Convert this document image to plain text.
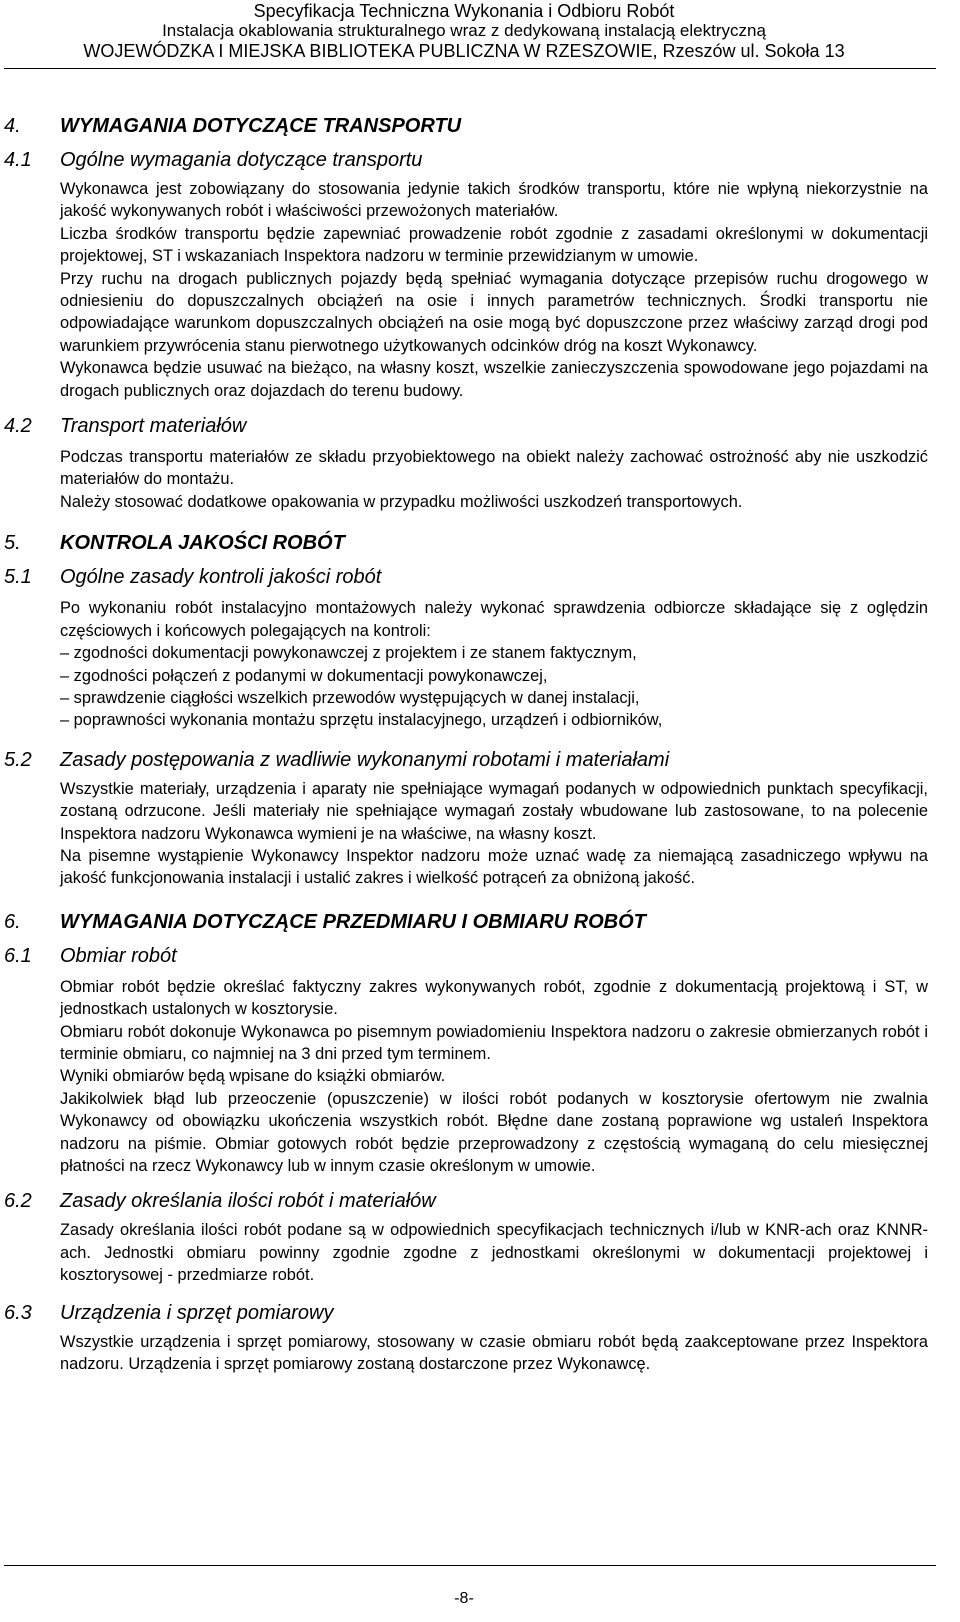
Specyfikacja Techniczna Wykonania i Odbioru Robót
Instalacja okablowania strukturalnego wraz z dedykowaną instalacją elektryczną
WOJEWÓDZKA I MIEJSKA BIBLIOTEKA PUBLICZNA W RZESZOWIE, Rzeszów ul. Sokoła 13
4. WYMAGANIA DOTYCZĄCE TRANSPORTU
4.1 Ogólne wymagania dotyczące transportu

Wykonawca jest zobowiązany do stosowania jedynie takich środków transportu, które nie wpłyną niekorzystnie na jakość wykonywanych robót i właściwości przewożonych materiałów.

Liczba środków transportu będzie zapewniać prowadzenie robót zgodnie z zasadami określonymi w dokumentacji projektowej, ST i wskazaniach Inspektora nadzoru w terminie przewidzianym w umowie.

Przy ruchu na drogach publicznych pojazdy będą spełniać wymagania dotyczące przepisów ruchu drogowego w odniesieniu do dopuszczalnych obciążeń na osie i innych parametrów technicznych. Środki transportu nie odpowiadające warunkom dopuszczalnych obciążeń na osie mogą być dopuszczone przez właściwy zarząd drogi pod warunkiem przywrócenia stanu pierwotnego użytkowanych odcinków dróg na koszt Wykonawcy.

Wykonawca będzie usuwać na bieżąco, na własny koszt, wszelkie zanieczyszczenia spowodowane jego pojazdami na drogach publicznych oraz dojazdach do terenu budowy.

4.2 Transport materiałów

Podczas transportu materiałów ze składu przyobiektowego na obiekt należy zachować ostrożność aby nie uszkodzić materiałów do montażu.

Należy stosować dodatkowe opakowania w przypadku możliwości uszkodzeń transportowych.

5. KONTROLA JAKOŚCI ROBÓT
5.1 Ogólne zasady kontroli jakości robót

Po wykonaniu robót instalacyjno montażowych należy wykonać sprawdzenia odbiorcze składające się z oględzin częściowych i końcowych polegających na kontroli:

– zgodności dokumentacji powykonawczej z projektem i ze stanem faktycznym,
– zgodności połączeń z podanymi w dokumentacji powykonawczej,
– sprawdzenie ciągłości wszelkich przewodów występujących w danej instalacji,
– poprawności wykonania montażu sprzętu instalacyjnego, urządzeń i odbiorników,
5.2 Zasady postępowania z wadliwie wykonanymi robotami i materiałami

Wszystkie materiały, urządzenia i aparaty nie spełniające wymagań podanych w odpowiednich punktach specyfikacji, zostaną odrzucone. Jeśli materiały nie spełniające wymagań zostały wbudowane lub zastosowane, to na polecenie Inspektora nadzoru Wykonawca wymieni je na właściwe, na własny koszt.

Na pisemne wystąpienie Wykonawcy Inspektor nadzoru może uznać wadę za niemającą zasadniczego wpływu na jakość funkcjonowania instalacji i ustalić zakres i wielkość potrąceń za obniżoną jakość.

6. WYMAGANIA DOTYCZĄCE PRZEDMIARU I OBMIARU ROBÓT
6.1 Obmiar robót

Obmiar robót będzie określać faktyczny zakres wykonywanych robót, zgodnie z dokumentacją projektową i ST, w jednostkach ustalonych w kosztorysie.

Obmiaru robót dokonuje Wykonawca po pisemnym powiadomieniu Inspektora nadzoru o zakresie obmierzanych robót i terminie obmiaru, co najmniej na 3 dni przed tym terminem.

Wyniki obmiarów będą wpisane do książki obmiarów.

Jakikolwiek błąd lub przeoczenie (opuszczenie) w ilości robót podanych w kosztorysie ofertowym nie zwalnia Wykonawcy od obowiązku ukończenia wszystkich robót. Błędne dane zostaną poprawione wg ustaleń Inspektora nadzoru na piśmie. Obmiar gotowych robót będzie przeprowadzony z częstością wymaganą do celu miesięcznej płatności na rzecz Wykonawcy lub w innym czasie określonym w umowie.

6.2 Zasady określania ilości robót i materiałów

Zasady określania ilości robót podane są w odpowiednich specyfikacjach technicznych i/lub w KNR-ach oraz KNNR-ach. Jednostki obmiaru powinny zgodnie zgodne z jednostkami określonymi w dokumentacji projektowej i kosztorysowej - przedmiarze robót.

6.3 Urządzenia i sprzęt pomiarowy

Wszystkie urządzenia i sprzęt pomiarowy, stosowany w czasie obmiaru robót będą zaakceptowane przez Inspektora nadzoru. Urządzenia i sprzęt pomiarowy zostaną dostarczone przez Wykonawcę.

-8-
